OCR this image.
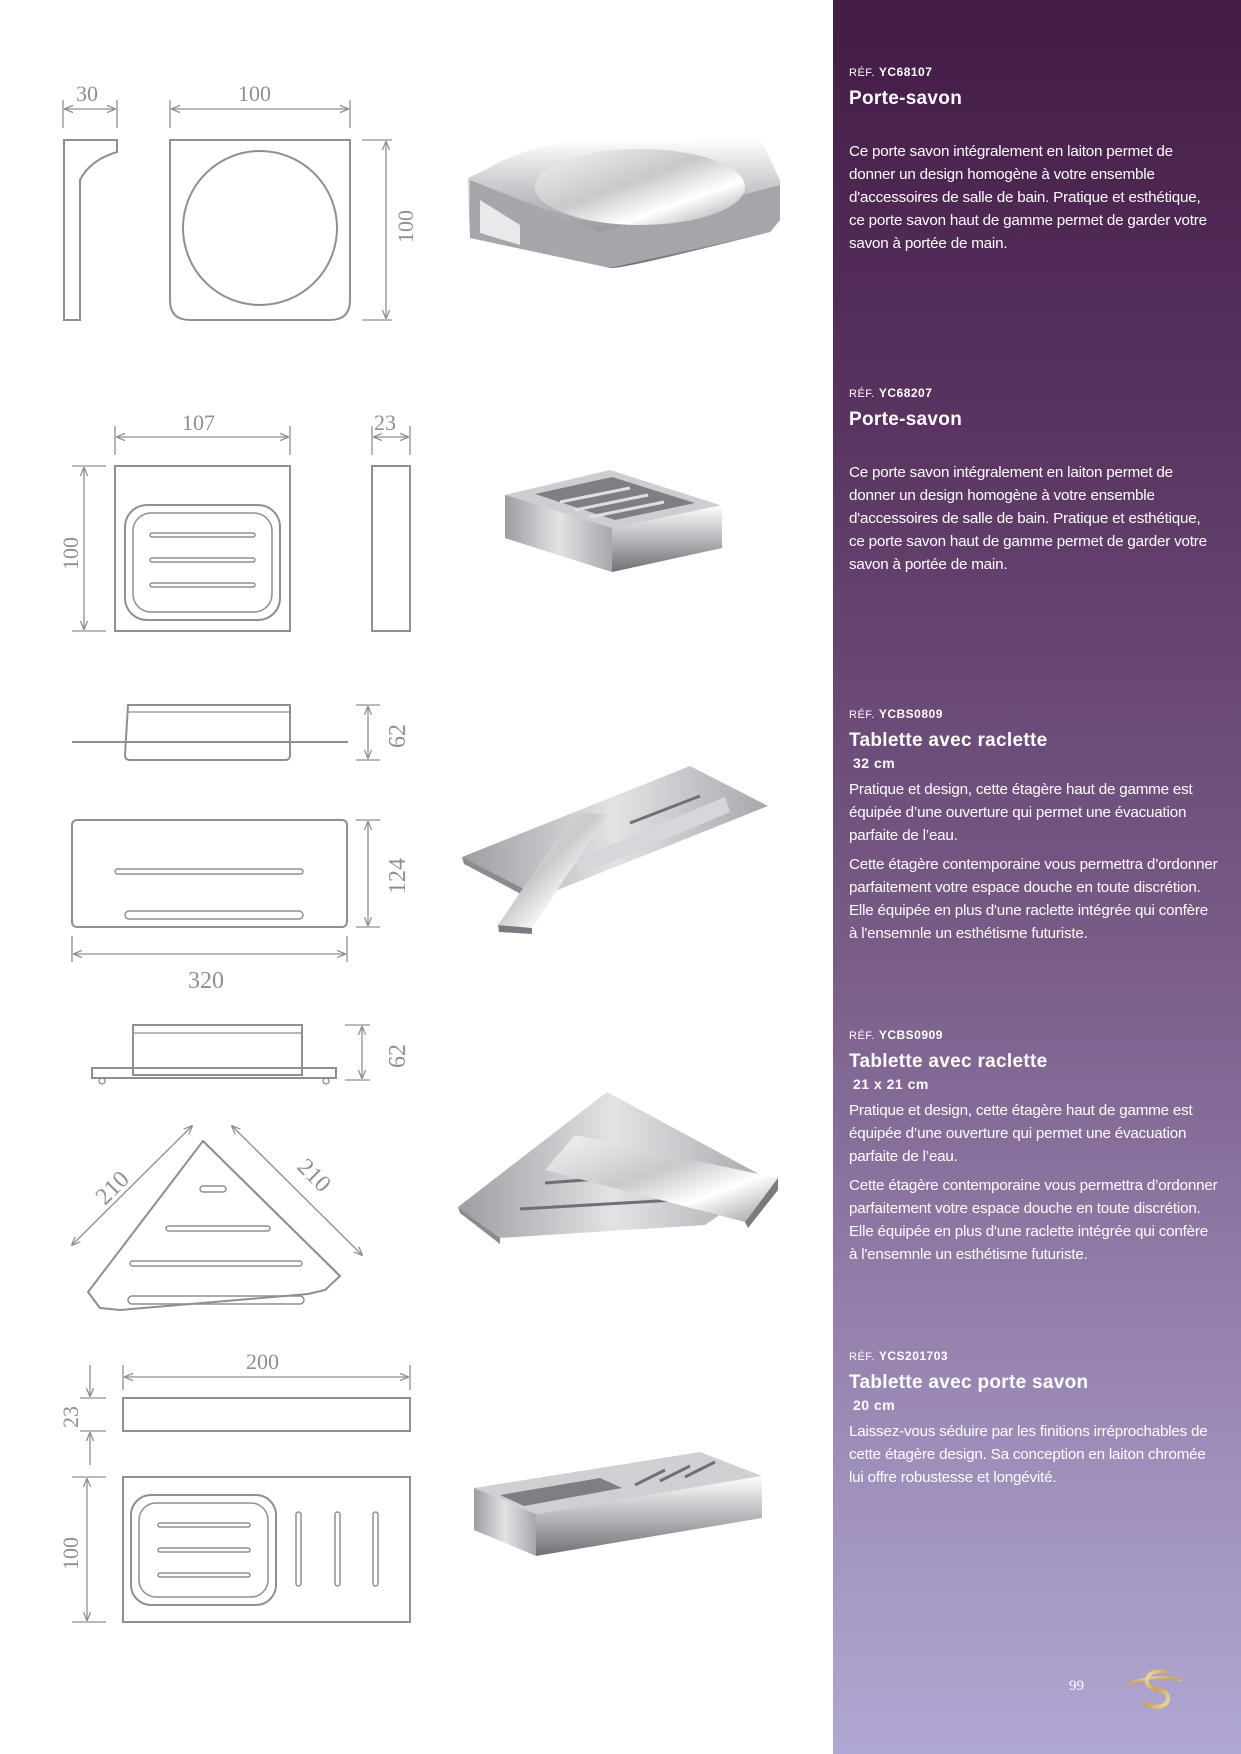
30	100
100
107	23
100
62
124
320
62
210	210
200
23
100
RÉF. YC68107
Porte-savon

Ce porte savon intégralement en laiton permet de donner un design homogène à votre ensemble d'accessoires de salle de bain. Pratique et esthétique, ce porte savon haut de gamme permet de garder votre savon à portée de main.

RÉF. YC68207
Porte-savon

Ce porte savon intégralement en laiton permet de donner un design homogène à votre ensemble d'accessoires de salle de bain. Pratique et esthétique, ce porte savon haut de gamme permet de garder votre savon à portée de main.

RÉF. YCBS0809
Tablette avec raclette
32 cm

Pratique et design, cette étagère haut de gamme est équipée d’une ouverture qui permet une évacuation parfaite de l’eau.

Cette étagère contemporaine vous permettra d’ordonner parfaitement votre espace douche en toute discrétion. Elle équipée en plus d'une raclette intégrée qui confère à l'ensemnle un esthétisme futuriste.

RÉF. YCBS0909
Tablette avec raclette
21 x 21 cm

Pratique et design, cette étagère haut de gamme est équipée d’une ouverture qui permet une évacuation parfaite de l’eau.

Cette étagère contemporaine vous permettra d’ordonner parfaitement votre espace douche en toute discrétion. Elle équipée en plus d'une raclette intégrée qui confère à l'ensemnle un esthétisme futuriste.

RÉF. YCS201703
Tablette avec porte savon
20 cm

Laissez-vous séduire par les finitions irréprochables de cette étagère design. Sa conception en laiton chromée lui offre robustesse et longévité.

99
